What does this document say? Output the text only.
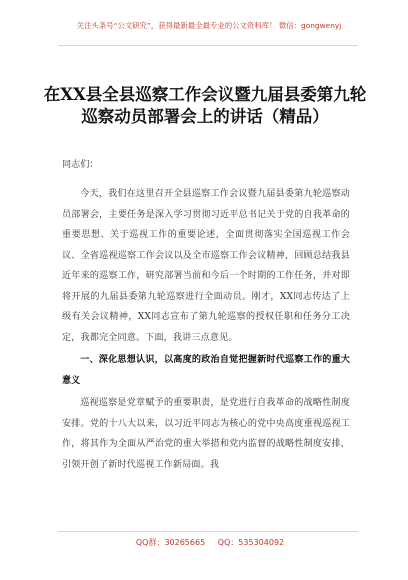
关注头条号“公文研究”，获得最新最全最专业的公文资料库！ 微信：gongwenyj
在XX县全县巡察工作会议暨九届县委第九轮巡察动员部署会上的讲话（精品）

同志们：

今天，我们在这里召开全县巡察工作会议暨九届县委第九轮巡察动员部署会，主要任务是深入学习贯彻习近平总书记关于党的自我革命的重要思想、关于巡视工作的重要论述，全面贯彻落实全国巡视工作会议、全省巡视巡察工作会议以及全市巡察工作会议精神，回顾总结我县近年来的巡察工作，研究部署当前和今后一个时期的工作任务，并对即将开展的九届县委第九轮巡察进行全面动员。刚才，XX同志传达了上级有关会议精神，XX同志宣布了第九轮巡察的授权任职和任务分工决定，我都完全同意。下面，我讲三点意见。

一、深化思想认识，以高度的政治自觉把握新时代巡察工作的重大意义

巡视巡察是党章赋予的重要职责，是党进行自我革命的战略性制度安排。党的十八大以来，以习近平同志为核心的党中央高度重视巡视工作，将其作为全面从严治党的重大举措和党内监督的战略性制度安排，引领开创了新时代巡视工作新局面。我

QQ群：30265665 QQ：535304092
